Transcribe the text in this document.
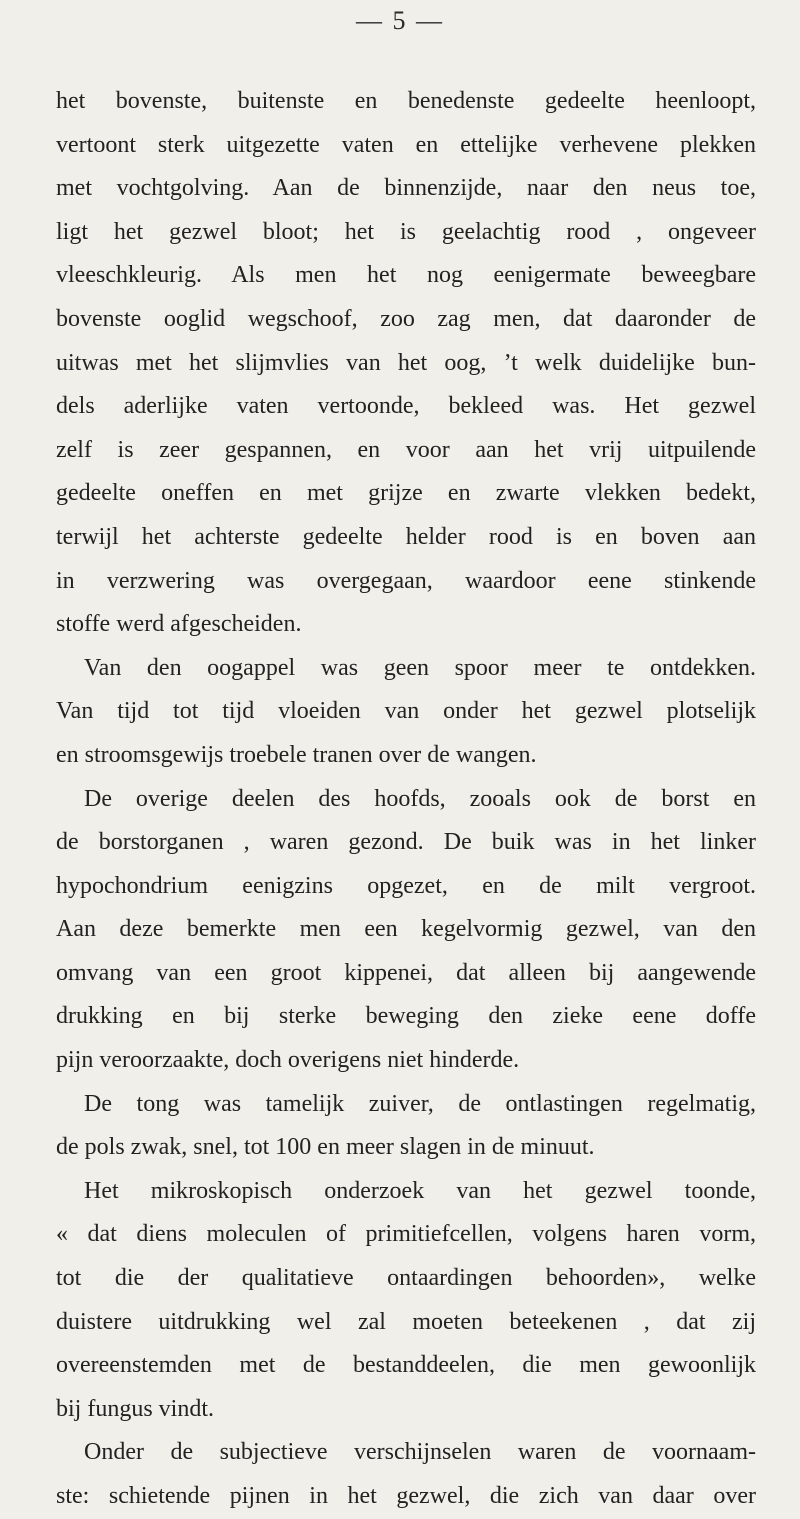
— 5 —
het bovenste, buitenste en benedenste gedeelte heenloopt,
vertoont sterk uitgezette vaten en ettelijke verhevene plekken
met vochtgolving. Aan de binnenzijde, naar den neus toe,
ligt het gezwel bloot; het is geelachtig rood , ongeveer
vleeschkleurig. Als men het nog eenigermate beweegbare
bovenste ooglid wegschoof, zoo zag men, dat daaronder de
uitwas met het slijmvlies van het oog, ’t welk duidelijke bun-
dels aderlijke vaten vertoonde, bekleed was. Het gezwel
zelf is zeer gespannen, en voor aan het vrij uitpuilende
gedeelte oneffen en met grijze en zwarte vlekken bedekt,
terwijl het achterste gedeelte helder rood is en boven aan
in verzwering was overgegaan, waardoor eene stinkende
stoffe werd afgescheiden.
Van den oogappel was geen spoor meer te ontdekken.
Van tijd tot tijd vloeiden van onder het gezwel plotselijk
en stroomsgewijs troebele tranen over de wangen.
De overige deelen des hoofds, zooals ook de borst en
de borstorganen , waren gezond. De buik was in het linker
hypochondrium eenigzins opgezet, en de milt vergroot.
Aan deze bemerkte men een kegelvormig gezwel, van den
omvang van een groot kippenei, dat alleen bij aangewende
drukking en bij sterke beweging den zieke eene doffe
pijn veroorzaakte, doch overigens niet hinderde.
De tong was tamelijk zuiver, de ontlastingen regelmatig,
de pols zwak, snel, tot 100 en meer slagen in de minuut.
Het mikroskopisch onderzoek van het gezwel toonde,
« dat diens moleculen of primitiefcellen, volgens haren vorm,
tot die der qualitatieve ontaardingen behoorden», welke
duistere uitdrukking wel zal moeten beteekenen , dat zij
overeenstemden met de bestanddeelen, die men gewoonlijk
bij fungus vindt.
Onder de subjectieve verschijnselen waren de voornaam-
ste: schietende pijnen in het gezwel, die zich van daar over
